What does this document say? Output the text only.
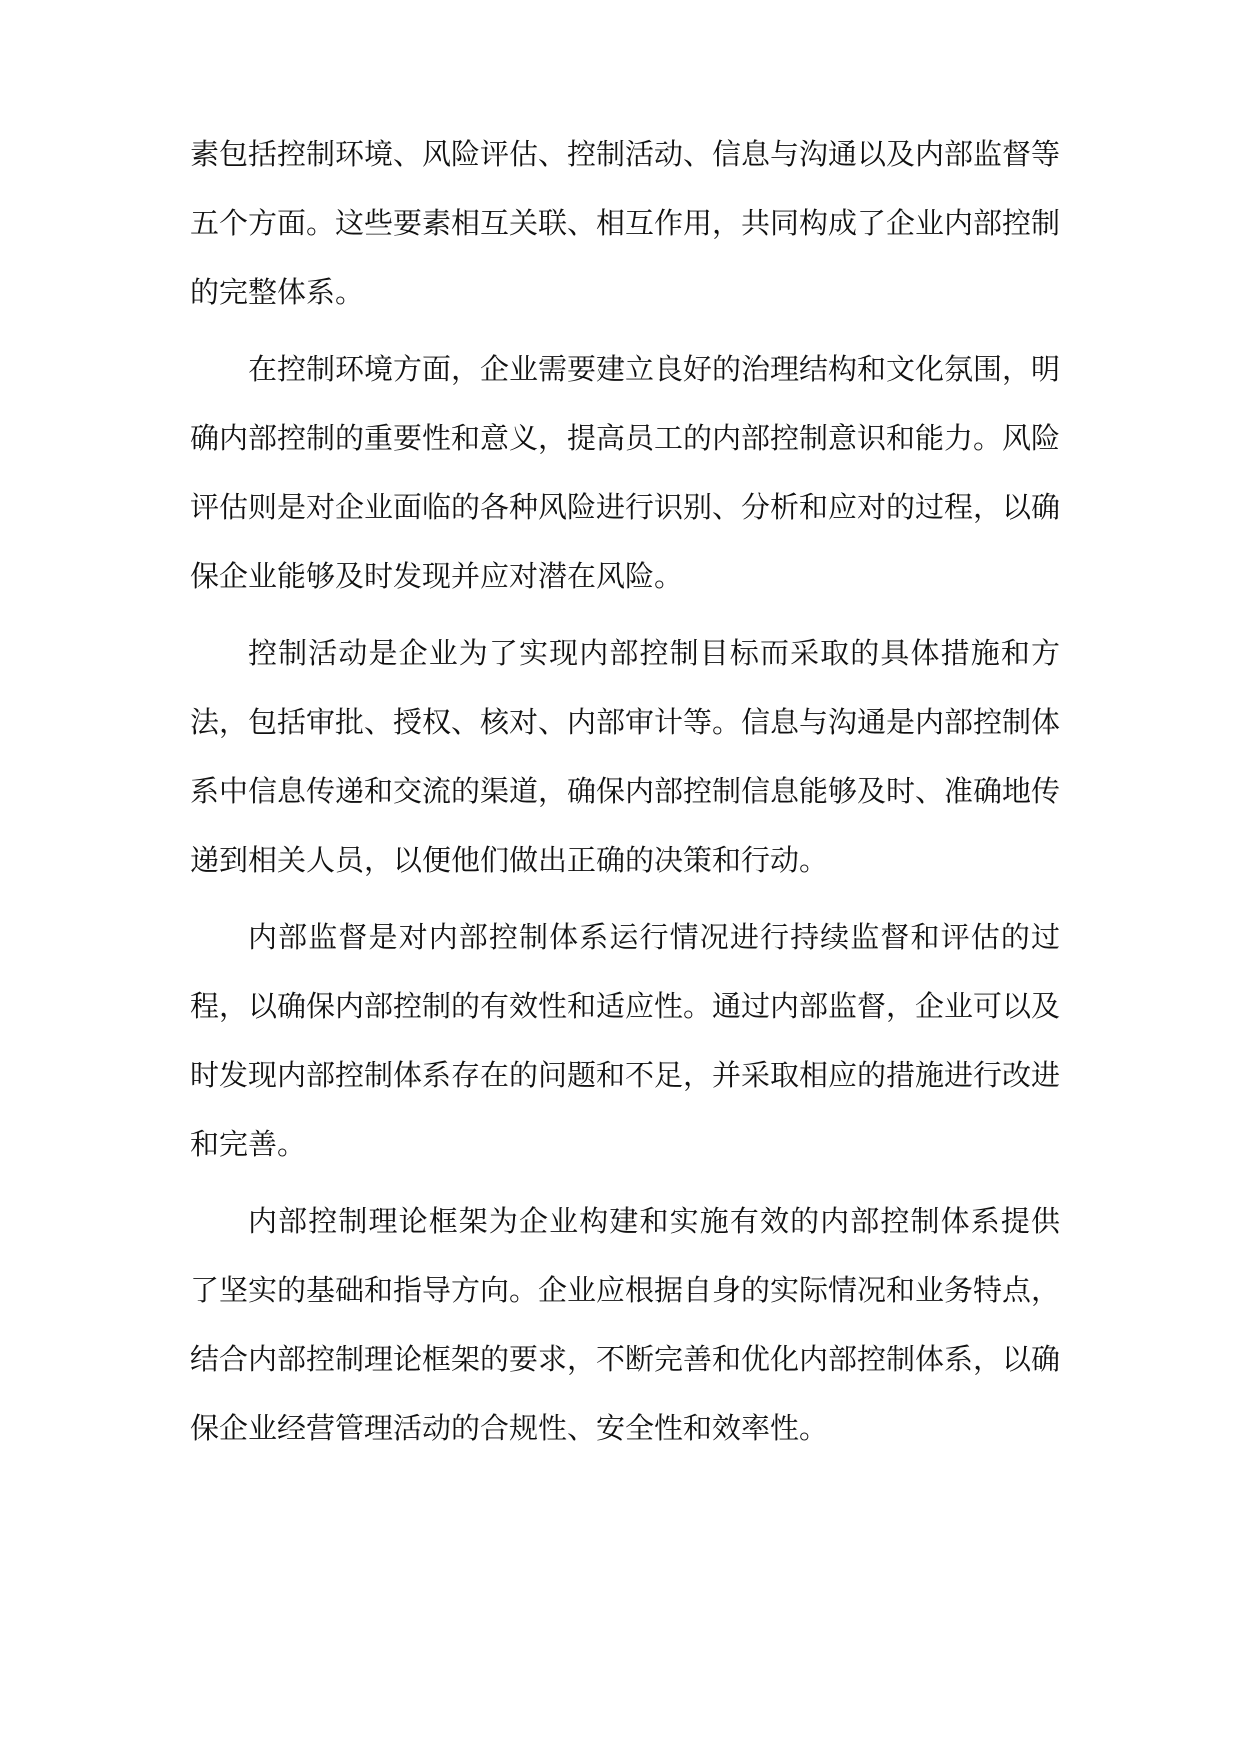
素包括控制环境、风险评估、控制活动、信息与沟通以及内部监督等
五个方面。这些要素相互关联、相互作用，共同构成了企业内部控制
的完整体系。
在控制环境方面，企业需要建立良好的治理结构和文化氛围，明
确内部控制的重要性和意义，提高员工的内部控制意识和能力。风险
评估则是对企业面临的各种风险进行识别、分析和应对的过程，以确
保企业能够及时发现并应对潜在风险。
控制活动是企业为了实现内部控制目标而采取的具体措施和方
法，包括审批、授权、核对、内部审计等。信息与沟通是内部控制体
系中信息传递和交流的渠道，确保内部控制信息能够及时、准确地传
递到相关人员，以便他们做出正确的决策和行动。
内部监督是对内部控制体系运行情况进行持续监督和评估的过
程，以确保内部控制的有效性和适应性。通过内部监督，企业可以及
时发现内部控制体系存在的问题和不足，并采取相应的措施进行改进
和完善。
内部控制理论框架为企业构建和实施有效的内部控制体系提供
了坚实的基础和指导方向。企业应根据自身的实际情况和业务特点，
结合内部控制理论框架的要求，不断完善和优化内部控制体系，以确
保企业经营管理活动的合规性、安全性和效率性。
